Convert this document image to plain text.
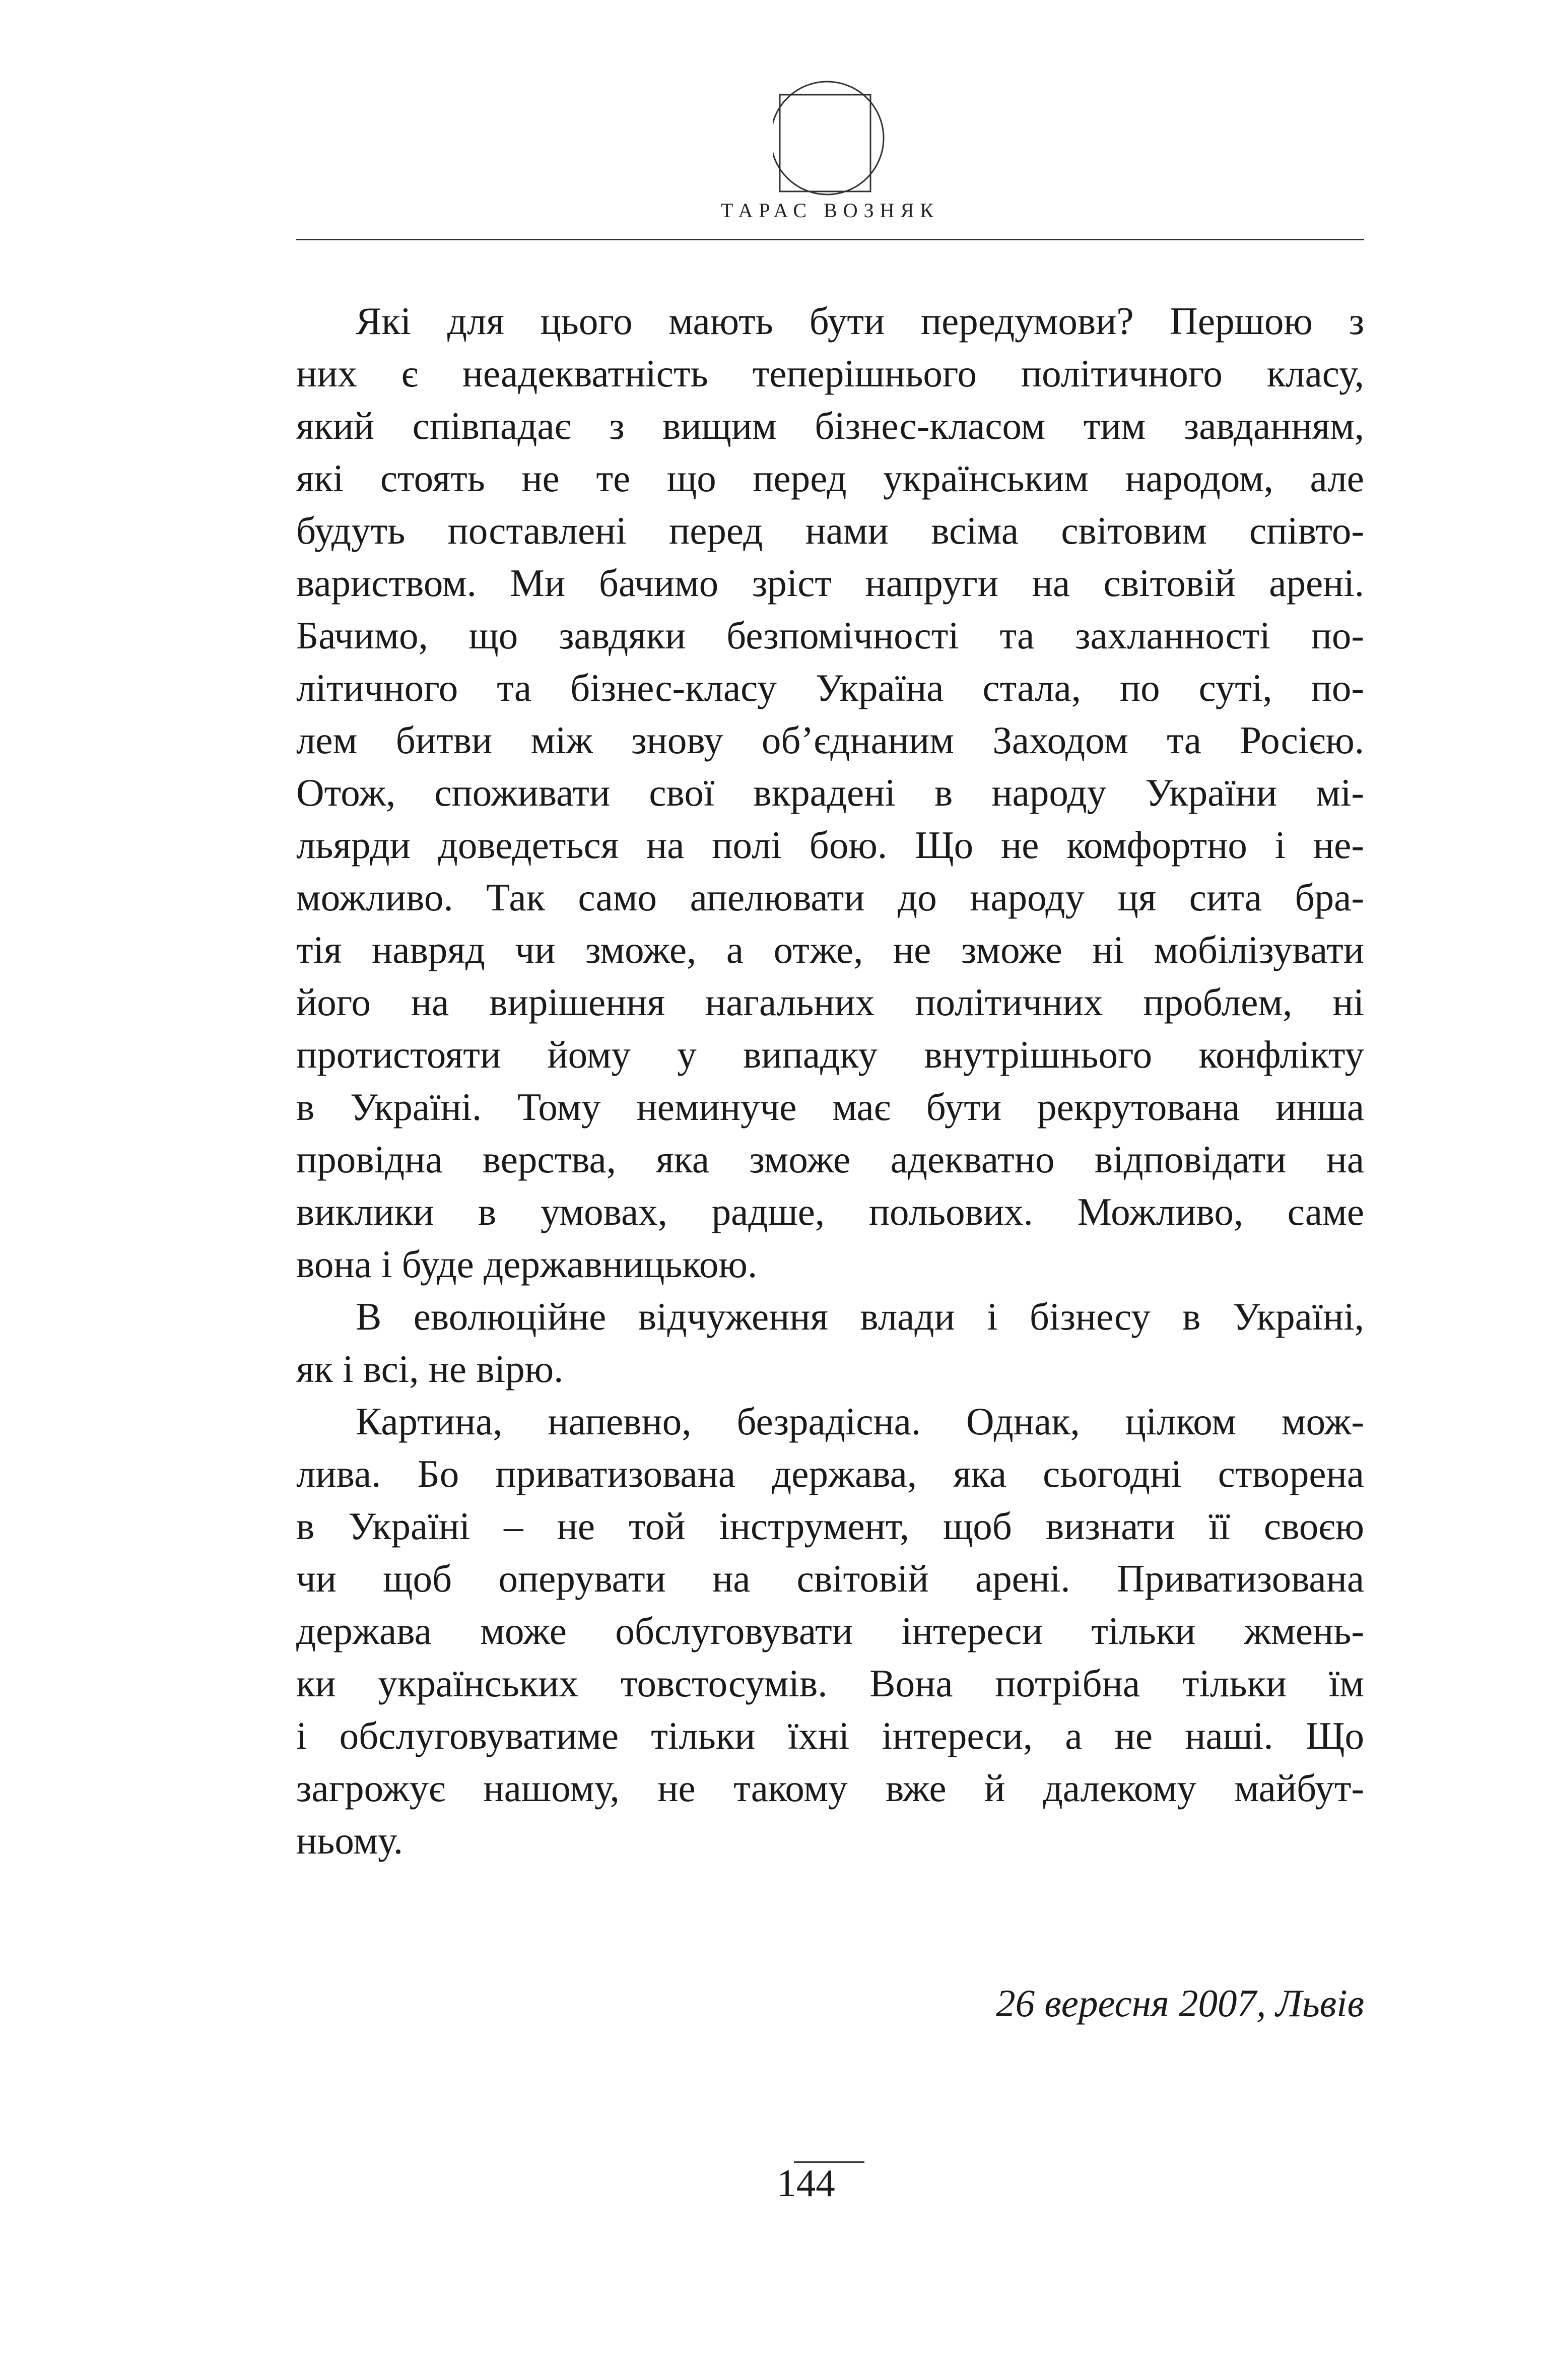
ТАРАС ВОЗНЯК

Які для цього мають бути передумови? Першою з
них є неадекватність теперішнього політичного класу,
який співпадає з вищим бізнес-класом тим завданням,
які стоять не те що перед українським народом, але
будуть поставлені перед нами всіма світовим співто-
вариством. Ми бачимо зріст напруги на світовій арені.
Бачимо, що завдяки безпомічності та захланності по-
літичного та бізнес-класу Україна стала, по суті, по-
лем битви між знову об’єднаним Заходом та Росією.
Отож, споживати свої вкрадені в народу України мі-
льярди доведеться на полі бою. Що не комфортно і не-
можливо. Так само апелювати до народу ця сита бра-
тія навряд чи зможе, а отже, не зможе ні мобілізувати
його на вирішення нагальних політичних проблем, ні
протистояти йому у випадку внутрішнього конфлікту
в Україні. Тому неминуче має бути рекрутована инша
провідна верства, яка зможе адекватно відповідати на
виклики в умовах, радше, польових. Можливо, саме
вона і буде державницькою.

В еволюційне відчуження влади і бізнесу в Україні,
як і всі, не вірю.

Картина, напевно, безрадісна. Однак, цілком мож-
лива. Бо приватизована держава, яка сьогодні створена
в Україні – не той інструмент, щоб визнати її своєю
чи щоб оперувати на світовій арені. Приватизована
держава може обслуговувати інтереси тільки жмень-
ки українських товстосумів. Вона потрібна тільки їм
і обслуговуватиме тільки їхні інтереси, а не наші. Що
загрожує нашому, не такому вже й далекому майбут-
ньому.

26 вересня 2007, Львів
144
